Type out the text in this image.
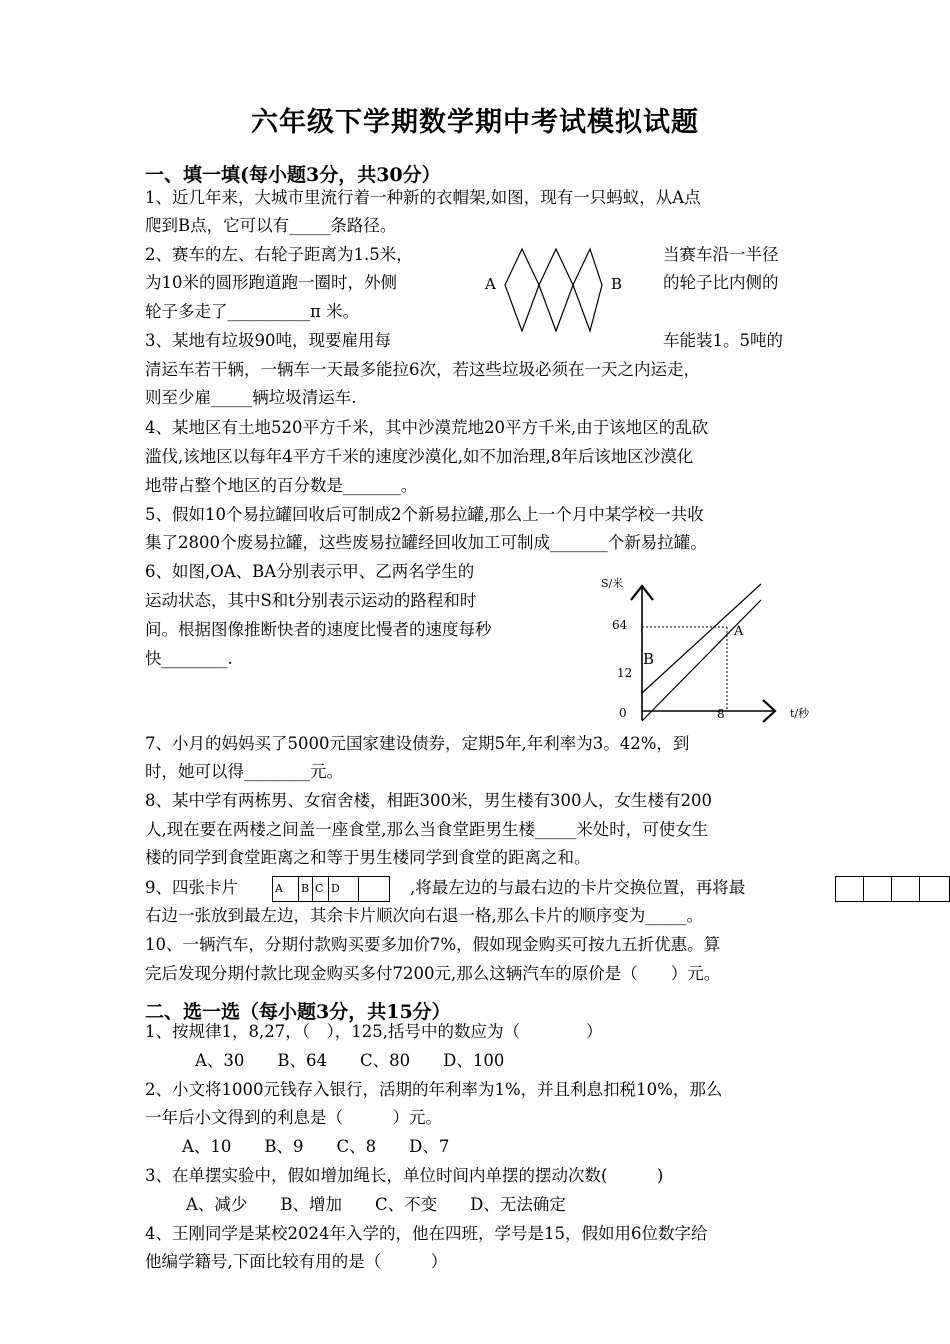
六年级下学期数学期中考试模拟试题
一、填一填(每小题3分，共30分）
1、近几年来，大城市里流行着一种新的衣帽架,如图，现有一只蚂蚁，从A点
爬到B点，它可以有_____条路径。
2、赛车的左、右轮子距离为1.5米，	当赛车沿一半径
为10米的圆形跑道跑一圈时，外侧	的轮子比内侧的
轮子多走了__________π 米。
A	B
3、某地有垃圾90吨，现要雇用每	车能装1。5吨的
清运车若干辆，一辆车一天最多能拉6次，若这些垃圾必须在一天之内运走，
则至少雇_____辆垃圾清运车.
4、某地区有土地520平方千米，其中沙漠荒地20平方千米,由于该地区的乱砍
滥伐,该地区以每年4平方千米的速度沙漠化,如不加治理,8年后该地区沙漠化
地带占整个地区的百分数是_______。
5、假如10个易拉罐回收后可制成2个新易拉罐,那么上一个月中某学校一共收
集了2800个废易拉罐，这些废易拉罐经回收加工可制成_______个新易拉罐。
6、如图,OA、BA分别表示甲、乙两名学生的
运动状态，其中S和t分别表示运动的路程和时
间。根据图像推断快者的速度比慢者的速度每秒
快________.
S/米
t/秒
64
12
0	8
A
B
7、小月的妈妈买了5000元国家建设债券，定期5年,年利率为3。42%，到
时，她可以得________元。
8、某中学有两栋男、女宿舍楼，相距300米，男生楼有300人，女生楼有200
人,现在要在两楼之间盖一座食堂,那么当食堂距男生楼_____米处时，可使女生
楼的同学到食堂距离之和等于男生楼同学到食堂的距离之和。
9、四张卡片	A	B C D	,将最左边的与最右边的卡片交换位置，再将最
右边一张放到最左边，其余卡片顺次向右退一格,那么卡片的顺序变为_____。
10、一辆汽车，分期付款购买要多加价7%，假如现金购买可按九五折优惠。算
完后发现分期付款比现金购买多付7200元,那么这辆汽车的原价是（　　）元。
二、选一选（每小题3分，共15分）
1、按规律1，8,27，（　），125,括号中的数应为（　　　　）
A、30　　B、64　　C、80　　D、100
2、小文将1000元钱存入银行，活期的年利率为1%，并且利息扣税10%，那么
一年后小文得到的利息是（　　　）元。
A、10　　B、9　　C、8　　D、7
3、在单摆实验中，假如增加绳长，单位时间内单摆的摆动次数(　　　)
A、减少　　B、增加　　C、不变　　D、无法确定
4、王刚同学是某校2024年入学的，他在四班，学号是15，假如用6位数字给
他编学籍号,下面比较有用的是（　　　）
